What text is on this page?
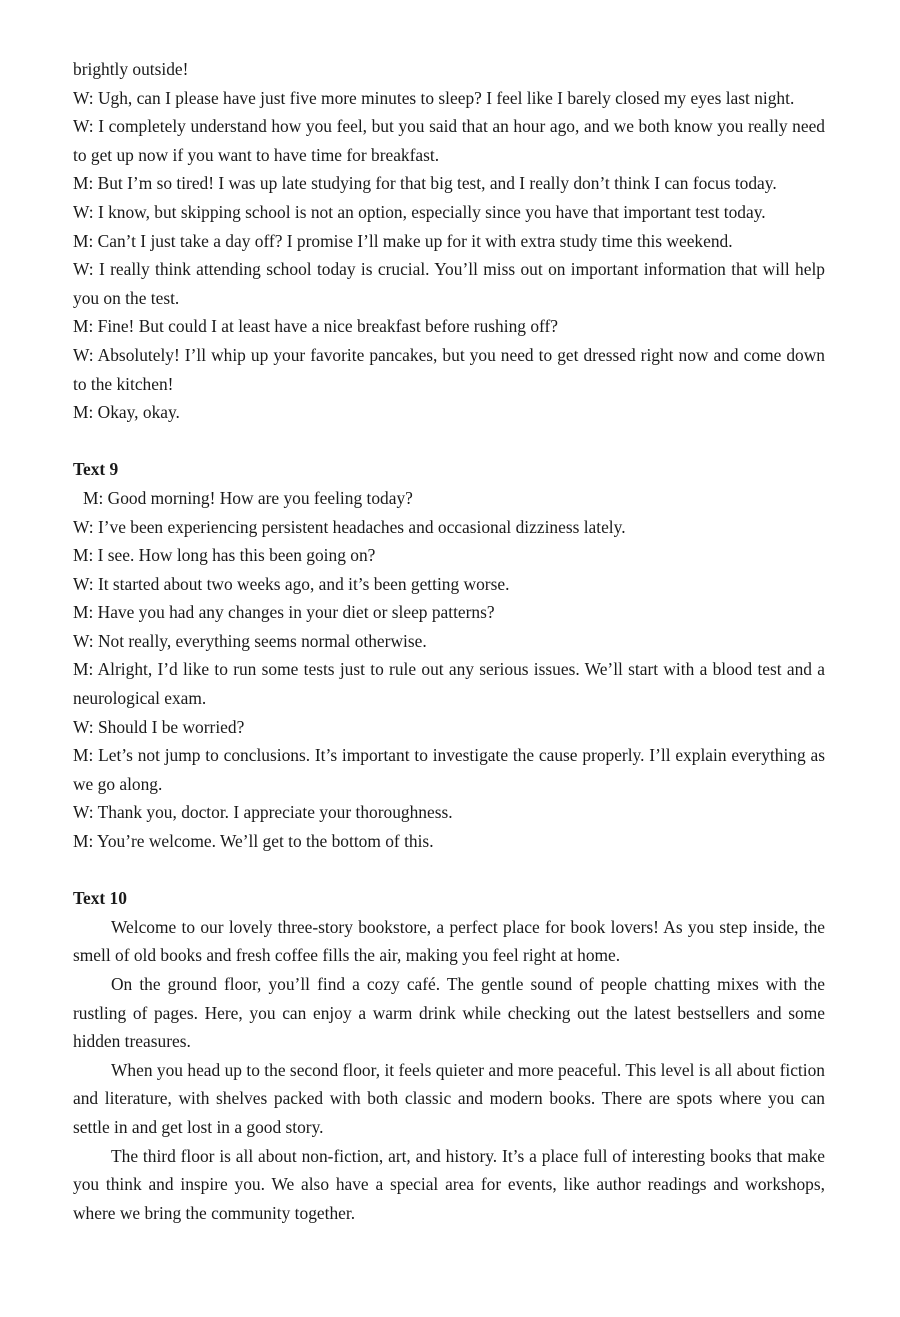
brightly outside!

W: Ugh, can I please have just five more minutes to sleep? I feel like I barely closed my eyes last night.

W: I completely understand how you feel, but you said that an hour ago, and we both know you really need to get up now if you want to have time for breakfast.

M: But I’m so tired! I was up late studying for that big test, and I really don’t think I can focus today.

W: I know, but skipping school is not an option, especially since you have that important test today.

M: Can’t I just take a day off? I promise I’ll make up for it with extra study time this weekend.

W: I really think attending school today is crucial. You’ll miss out on important information that will help you on the test.

M: Fine! But could I at least have a nice breakfast before rushing off?

W: Absolutely! I’ll whip up your favorite pancakes, but you need to get dressed right now and come down to the kitchen!

M: Okay, okay.

Text 9

M: Good morning! How are you feeling today?

W: I’ve been experiencing persistent headaches and occasional dizziness lately.

M: I see. How long has this been going on?

W: It started about two weeks ago, and it’s been getting worse.

M: Have you had any changes in your diet or sleep patterns?

W: Not really, everything seems normal otherwise.

M: Alright, I’d like to run some tests just to rule out any serious issues. We’ll start with a blood test and a neurological exam.

W: Should I be worried?

M: Let’s not jump to conclusions. It’s important to investigate the cause properly. I’ll explain everything as we go along.

W: Thank you, doctor. I appreciate your thoroughness.

M: You’re welcome. We’ll get to the bottom of this.

Text 10

Welcome to our lovely three-story bookstore, a perfect place for book lovers! As you step inside, the smell of old books and fresh coffee fills the air, making you feel right at home.

On the ground floor, you’ll find a cozy café. The gentle sound of people chatting mixes with the rustling of pages. Here, you can enjoy a warm drink while checking out the latest bestsellers and some hidden treasures.

When you head up to the second floor, it feels quieter and more peaceful. This level is all about fiction and literature, with shelves packed with both classic and modern books. There are spots where you can settle in and get lost in a good story.

The third floor is all about non-fiction, art, and history. It’s a place full of interesting books that make you think and inspire you. We also have a special area for events, like author readings and workshops, where we bring the community together.
